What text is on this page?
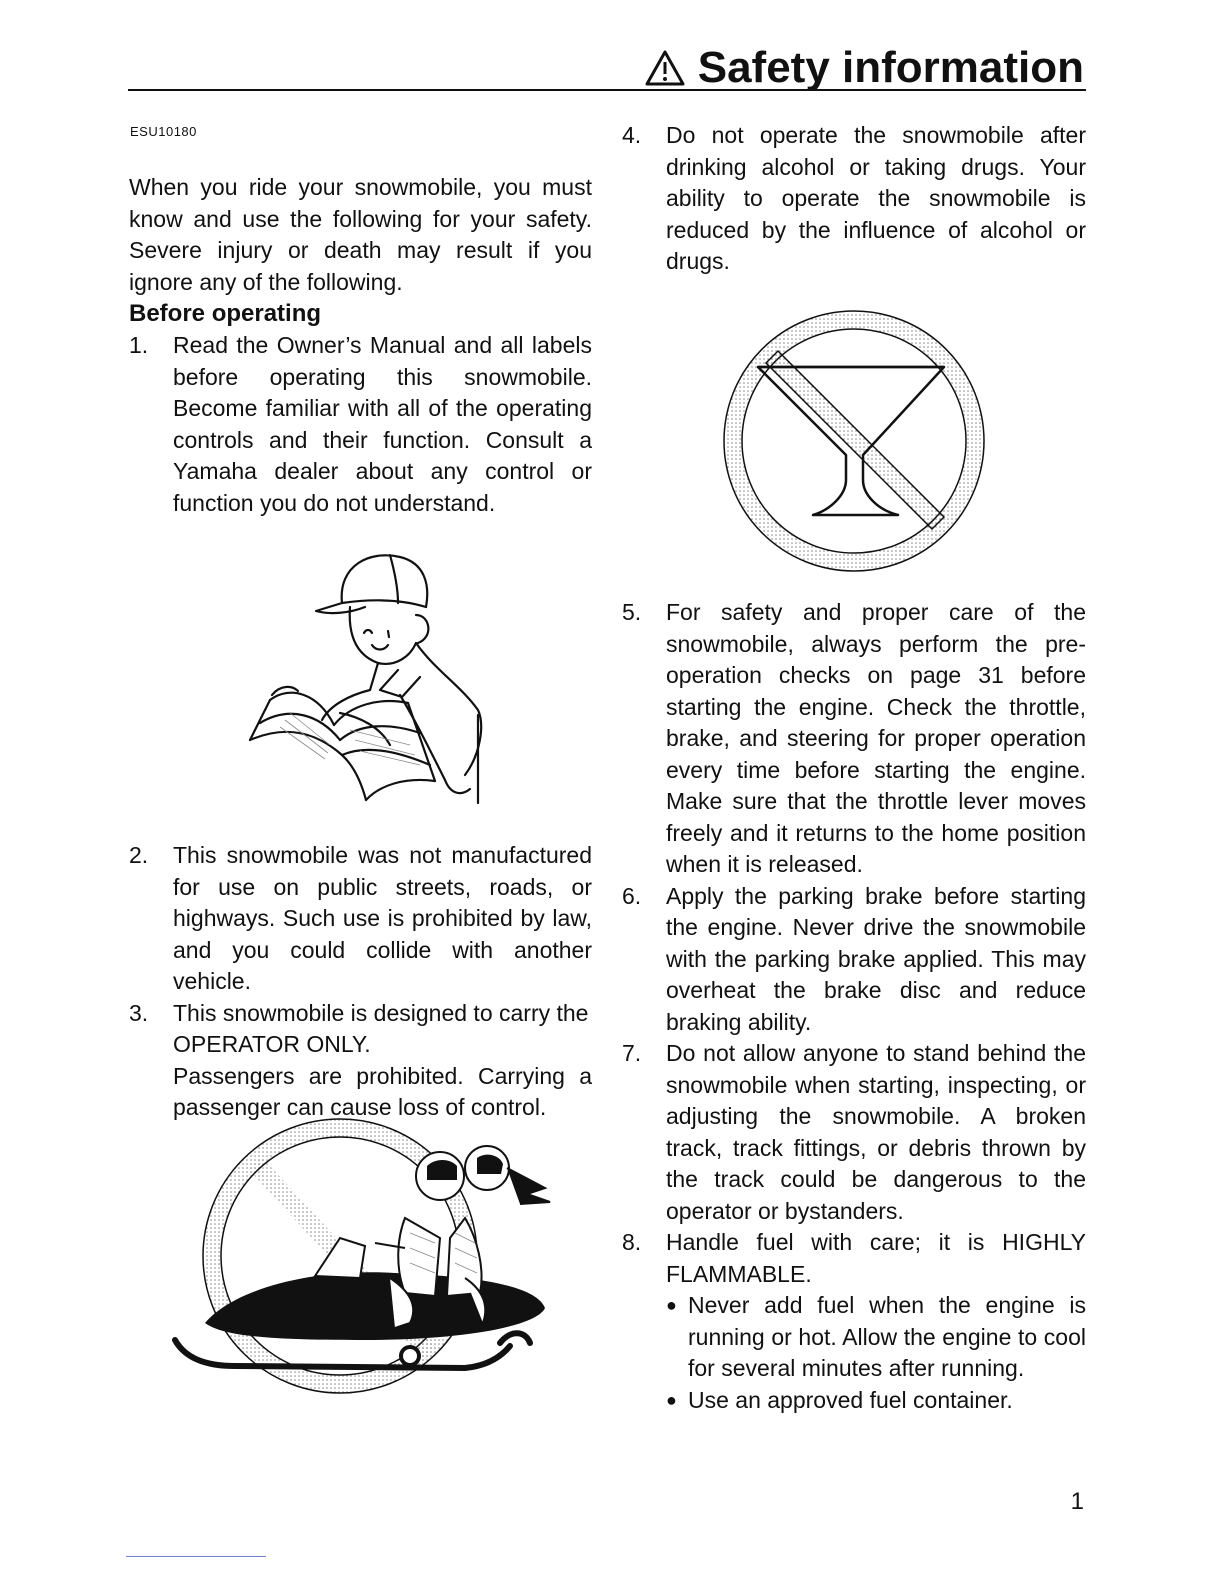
Safety information
ESU10180

When you ride your snowmobile, you must know and use the following for your safety. Severe injury or death may result if you ignore any of the following.

Before operating

1.	Read the Owner’s Manual and all labels before operating this snowmobile. Become familiar with all of the operating controls and their function. Consult a Yamaha dealer about any control or function you do not understand.
2.	This snowmobile was not manufactured for use on public streets, roads, or highways. Such use is prohibited by law, and you could collide with another vehicle.
3.	This snowmobile is designed to carry the OPERATOR ONLY.

Passengers are prohibited. Carrying a passenger can cause loss of control.

4.	Do not operate the snowmobile after drinking alcohol or taking drugs. Your ability to operate the snowmobile is reduced by the influence of alcohol or drugs.
5.	For safety and proper care of the snowmobile, always perform the pre-operation checks on page 31 before starting the engine. Check the throttle, brake, and steering for proper operation every time before starting the engine. Make sure that the throttle lever moves freely and it returns to the home position when it is released.
6.	Apply the parking brake before starting the engine. Never drive the snowmobile with the parking brake applied. This may overheat the brake disc and reduce braking ability.
7.	Do not allow anyone to stand behind the snowmobile when starting, inspecting, or adjusting the snowmobile. A broken track, track fittings, or debris thrown by the track could be dangerous to the operator or bystanders.
8.	Handle fuel with care; it is HIGHLY FLAMMABLE.

● Never add fuel when the engine is running or hot. Allow the engine to cool for several minutes after running.
● Use an approved fuel container.
1
